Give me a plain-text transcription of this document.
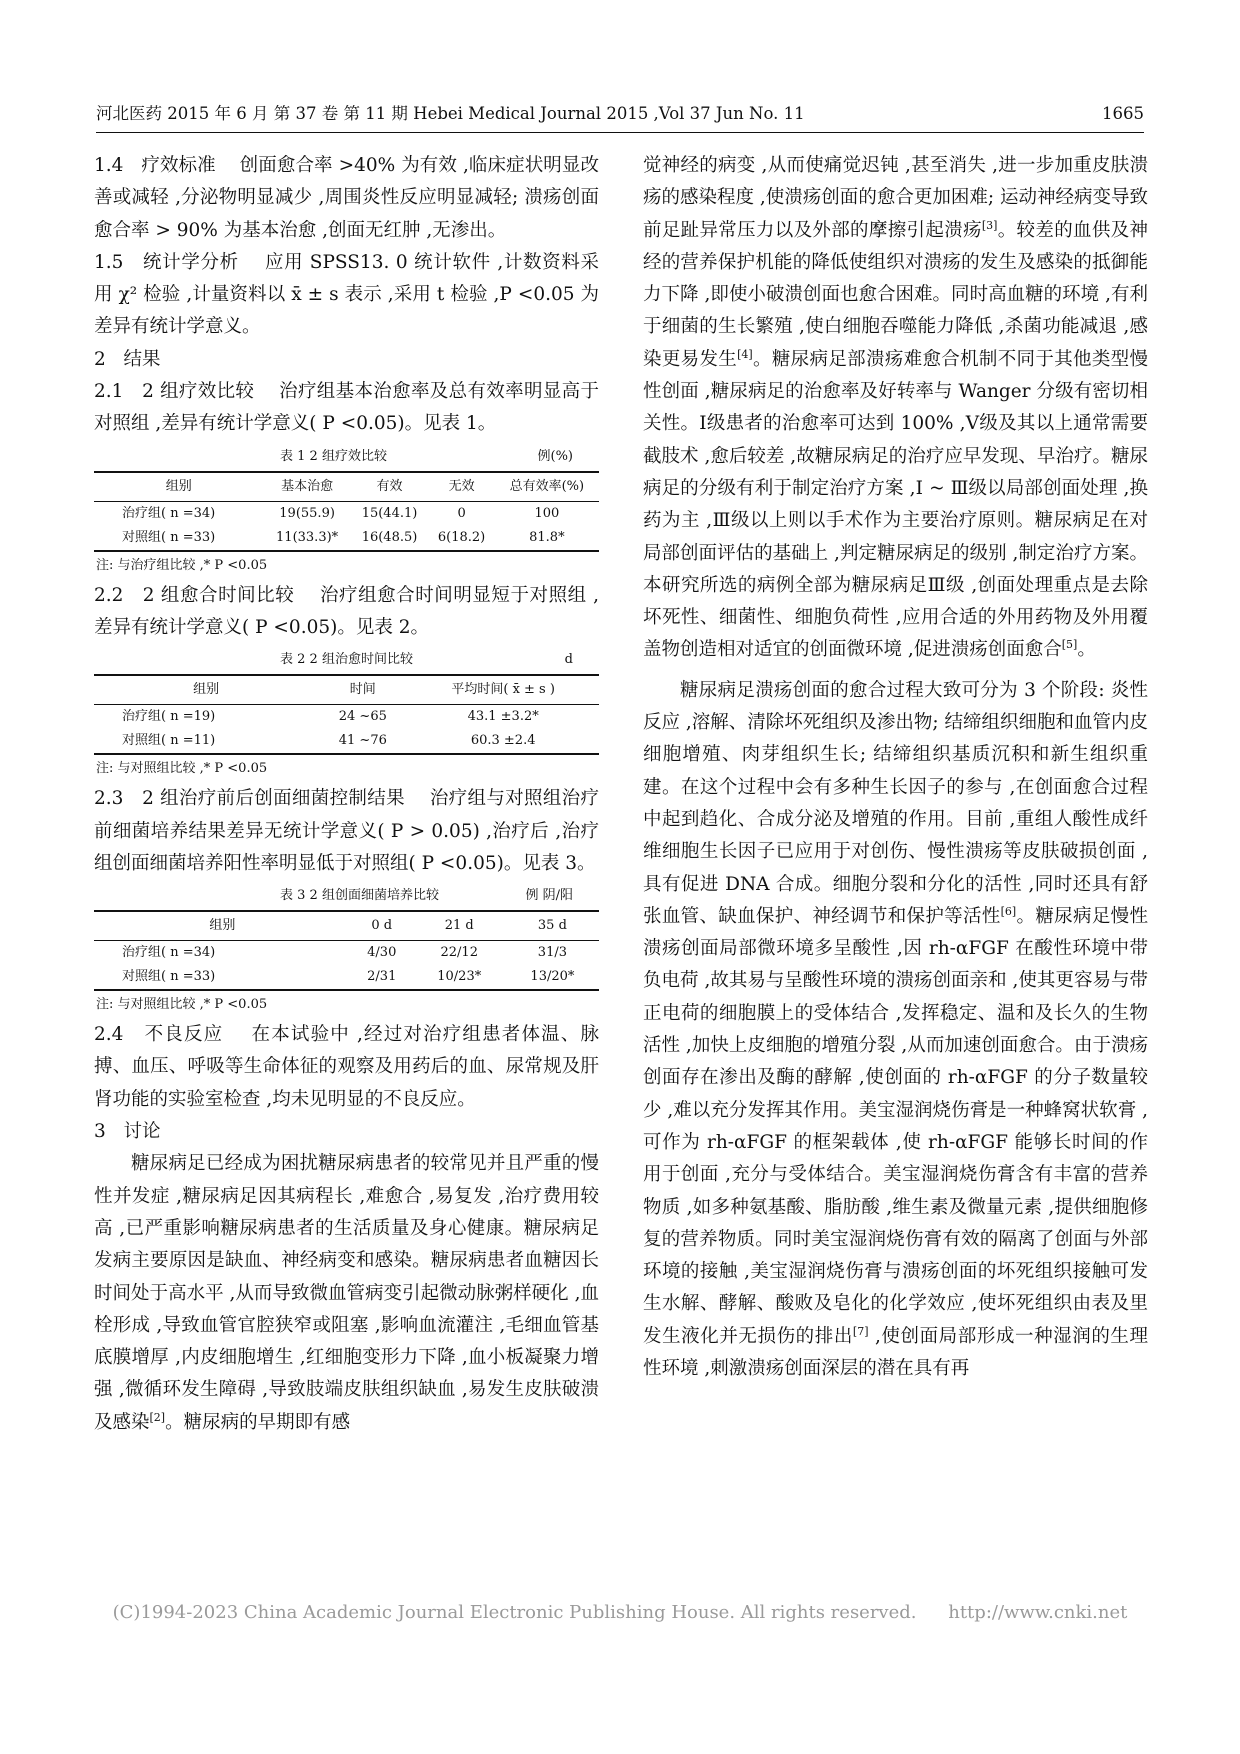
河北医药 2015 年 6 月 第 37 卷 第 11 期 Hebei Medical Journal 2015 ,Vol 37 Jun No. 11	1665

1.4 疗效标准 创面愈合率 >40% 为有效 ,临床症状明显改善或减轻 ,分泌物明显减少 ,周围炎性反应明显减轻; 溃疡创面愈合率 > 90% 为基本治愈 ,创面无红肿 ,无渗出。

1.5 统计学分析 应用 SPSS13. 0 统计软件 ,计数资料采用 χ² 检验 ,计量资料以 x̄ ± s 表示 ,采用 t 检验 ,P <0.05 为差异有统计学意义。

2 结果

2.1 2 组疗效比较 治疗组基本治愈率及总有效率明显高于对照组 ,差异有统计学意义( P <0.05)。见表 1。

表 1 2 组疗效比较	例(%)
组别	基本治愈	有效	无效	总有效率(%)
治疗组( n =34)	19(55.9)	15(44.1)	0	100
对照组( n =33)	11(33.3)*	16(48.5)	6(18.2)	81.8*
注: 与治疗组比较 ,* P <0.05

2.2 2 组愈合时间比较 治疗组愈合时间明显短于对照组 ,差异有统计学意义( P <0.05)。见表 2。

表 2 2 组治愈时间比较	d
组别	时间	平均时间( x̄ ± s )
治疗组( n =19)	24 ~65	43.1 ±3.2*
对照组( n =11)	41 ~76	60.3 ±2.4
注: 与对照组比较 ,* P <0.05

2.3 2 组治疗前后创面细菌控制结果 治疗组与对照组治疗前细菌培养结果差异无统计学意义( P > 0.05) ,治疗后 ,治疗组创面细菌培养阳性率明显低于对照组( P <0.05)。见表 3。

表 3 2 组创面细菌培养比较	例 阴/阳
组别	0 d	21 d	35 d
治疗组( n =34)	4/30	22/12	31/3
对照组( n =33)	2/31	10/23*	13/20*
注: 与对照组比较 ,* P <0.05

2.4 不良反应 在本试验中 ,经过对治疗组患者体温、脉搏、血压、呼吸等生命体征的观察及用药后的血、尿常规及肝肾功能的实验室检查 ,均未见明显的不良反应。

3 讨论

糖尿病足已经成为困扰糖尿病患者的较常见并且严重的慢性并发症 ,糖尿病足因其病程长 ,难愈合 ,易复发 ,治疗费用较高 ,已严重影响糖尿病患者的生活质量及身心健康。糖尿病足发病主要原因是缺血、神经病变和感染。糖尿病患者血糖因长时间处于高水平 ,从而导致微血管病变引起微动脉粥样硬化 ,血栓形成 ,导致血管官腔狭窄或阻塞 ,影响血流灌注 ,毛细血管基底膜增厚 ,内皮细胞增生 ,红细胞变形力下降 ,血小板凝聚力增强 ,微循环发生障碍 ,导致肢端皮肤组织缺血 ,易发生皮肤破溃及感染[2]。糖尿病的早期即有感

觉神经的病变 ,从而使痛觉迟钝 ,甚至消失 ,进一步加重皮肤溃疡的感染程度 ,使溃疡创面的愈合更加困难; 运动神经病变导致前足趾异常压力以及外部的摩擦引起溃疡[3]。较差的血供及神经的营养保护机能的降低使组织对溃疡的发生及感染的抵御能力下降 ,即使小破溃创面也愈合困难。同时高血糖的环境 ,有利于细菌的生长繁殖 ,使白细胞吞噬能力降低 ,杀菌功能减退 ,感染更易发生[4]。糖尿病足部溃疡难愈合机制不同于其他类型慢性创面 ,糖尿病足的治愈率及好转率与 Wanger 分级有密切相关性。Ⅰ级患者的治愈率可达到 100% ,Ⅴ级及其以上通常需要截肢术 ,愈后较差 ,故糖尿病足的治疗应早发现、早治疗。糖尿病足的分级有利于制定治疗方案 ,Ⅰ ~ Ⅲ级以局部创面处理 ,换药为主 ,Ⅲ级以上则以手术作为主要治疗原则。糖尿病足在对局部创面评估的基础上 ,判定糖尿病足的级别 ,制定治疗方案。本研究所选的病例全部为糖尿病足Ⅲ级 ,创面处理重点是去除坏死性、细菌性、细胞负荷性 ,应用合适的外用药物及外用覆盖物创造相对适宜的创面微环境 ,促进溃疡创面愈合[5]。

糖尿病足溃疡创面的愈合过程大致可分为 3 个阶段: 炎性反应 ,溶解、清除坏死组织及渗出物; 结缔组织细胞和血管内皮细胞增殖、肉芽组织生长; 结缔组织基质沉积和新生组织重建。在这个过程中会有多种生长因子的参与 ,在创面愈合过程中起到趋化、合成分泌及增殖的作用。目前 ,重组人酸性成纤维细胞生长因子已应用于对创伤、慢性溃疡等皮肤破损创面 ,具有促进 DNA 合成。细胞分裂和分化的活性 ,同时还具有舒张血管、缺血保护、神经调节和保护等活性[6]。糖尿病足慢性溃疡创面局部微环境多呈酸性 ,因 rh-αFGF 在酸性环境中带负电荷 ,故其易与呈酸性环境的溃疡创面亲和 ,使其更容易与带正电荷的细胞膜上的受体结合 ,发挥稳定、温和及长久的生物活性 ,加快上皮细胞的增殖分裂 ,从而加速创面愈合。由于溃疡创面存在渗出及酶的酵解 ,使创面的 rh-αFGF 的分子数量较少 ,难以充分发挥其作用。美宝湿润烧伤膏是一种蜂窝状软膏 ,可作为 rh-αFGF 的框架载体 ,使 rh-αFGF 能够长时间的作用于创面 ,充分与受体结合。美宝湿润烧伤膏含有丰富的营养物质 ,如多种氨基酸、脂肪酸 ,维生素及微量元素 ,提供细胞修复的营养物质。同时美宝湿润烧伤膏有效的隔离了创面与外部环境的接触 ,美宝湿润烧伤膏与溃疡创面的坏死组织接触可发生水解、酵解、酸败及皂化的化学效应 ,使坏死组织由表及里发生液化并无损伤的排出[7] ,使创面局部形成一种湿润的生理性环境 ,刺激溃疡创面深层的潜在具有再

(C)1994-2023 China Academic Journal Electronic Publishing House. All rights reserved. http://www.cnki.net
